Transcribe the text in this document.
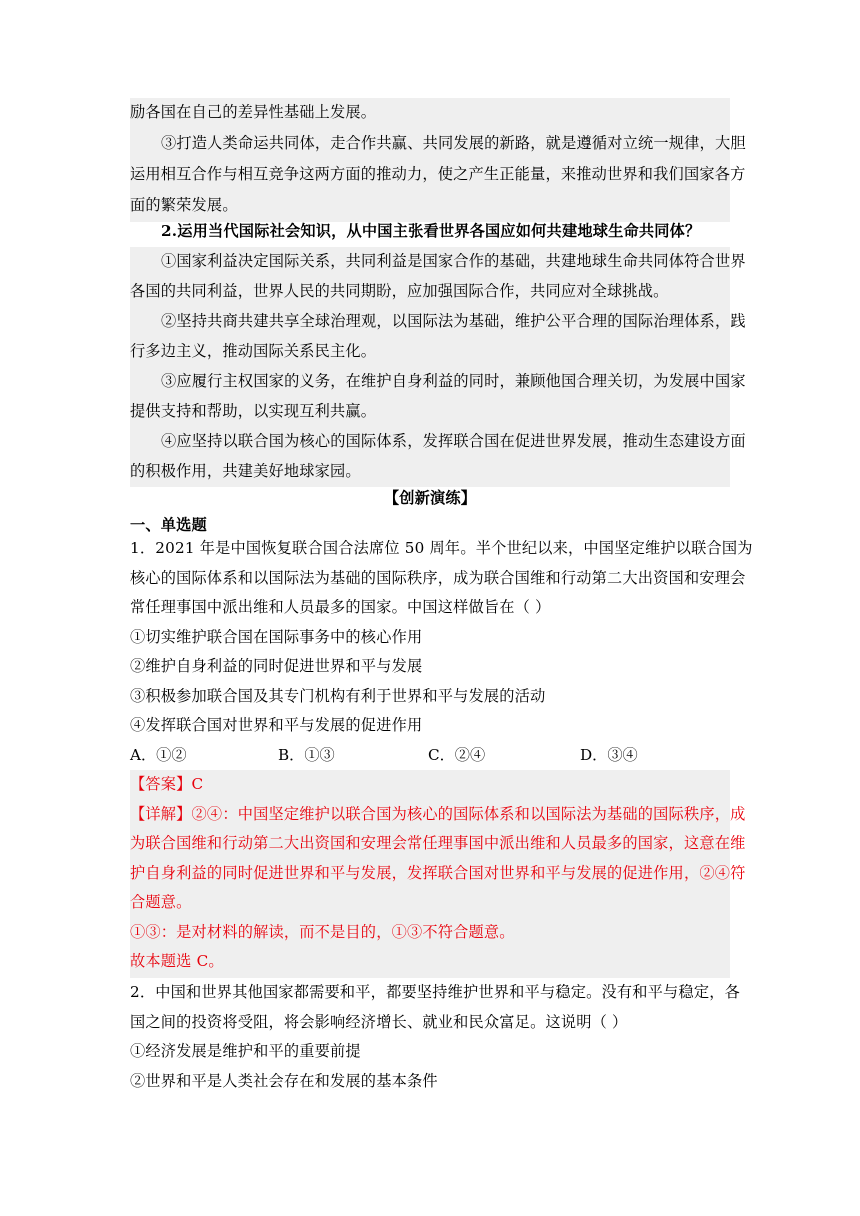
励各国在自己的差异性基础上发展。
③打造人类命运共同体，走合作共赢、共同发展的新路，就是遵循对立统一规律，大胆
运用相互合作与相互竞争这两方面的推动力，使之产生正能量，来推动世界和我们国家各方
面的繁荣发展。
2.运用当代国际社会知识，从中国主张看世界各国应如何共建地球生命共同体？
①国家利益决定国际关系，共同利益是国家合作的基础，共建地球生命共同体符合世界
各国的共同利益，世界人民的共同期盼，应加强国际合作，共同应对全球挑战。
②坚持共商共建共享全球治理观，以国际法为基础，维护公平合理的国际治理体系，践
行多边主义，推动国际关系民主化。
③应履行主权国家的义务，在维护自身利益的同时，兼顾他国合理关切，为发展中国家
提供支持和帮助，以实现互利共赢。
④应坚持以联合国为核心的国际体系，发挥联合国在促进世界发展，推动生态建设方面
的积极作用，共建美好地球家园。
【创新演练】
一、单选题
1．2021 年是中国恢复联合国合法席位 50 周年。半个世纪以来，中国坚定维护以联合国为
核心的国际体系和以国际法为基础的国际秩序，成为联合国维和行动第二大出资国和安理会
常任理事国中派出维和人员最多的国家。中国这样做旨在（ ）
①切实维护联合国在国际事务中的核心作用
②维护自身利益的同时促进世界和平与发展
③积极参加联合国及其专门机构有利于世界和平与发展的活动
④发挥联合国对世界和平与发展的促进作用
A．①②	B．①③	C．②④	D．③④
【答案】C
【详解】②④：中国坚定维护以联合国为核心的国际体系和以国际法为基础的国际秩序，成
为联合国维和行动第二大出资国和安理会常任理事国中派出维和人员最多的国家，这意在维
护自身利益的同时促进世界和平与发展，发挥联合国对世界和平与发展的促进作用，②④符
合题意。
①③：是对材料的解读，而不是目的，①③不符合题意。
故本题选 C。
2．中国和世界其他国家都需要和平，都要坚持维护世界和平与稳定。没有和平与稳定，各
国之间的投资将受阻，将会影响经济增长、就业和民众富足。这说明（ ）
①经济发展是维护和平的重要前提
②世界和平是人类社会存在和发展的基本条件
